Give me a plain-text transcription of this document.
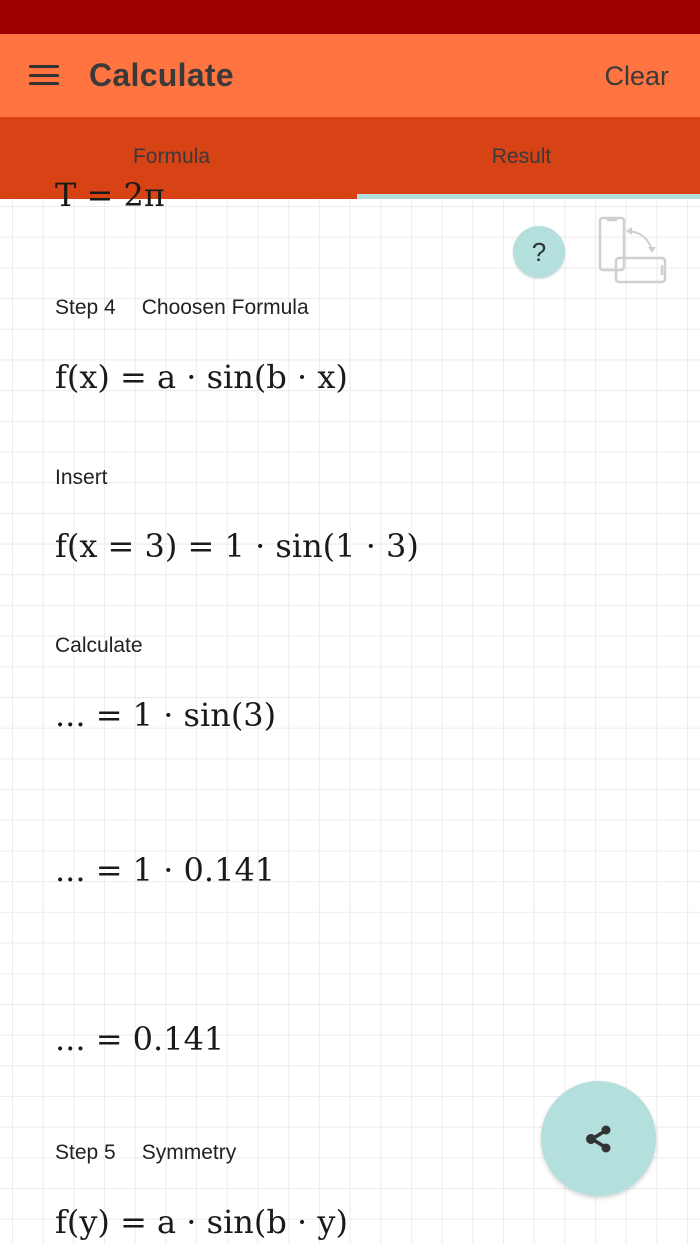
Calculate	Clear
Formula	Result
T = 2π
?
Step 4 Choosen Formula
f(x) = a · sin(b · x)
Insert
f(x = 3) = 1 · sin(1 · 3)
Calculate
... = 1 · sin(3)
... = 1 · 0.141
... = 0.141
Step 5 Symmetry
f(y) = a · sin(b · y)
